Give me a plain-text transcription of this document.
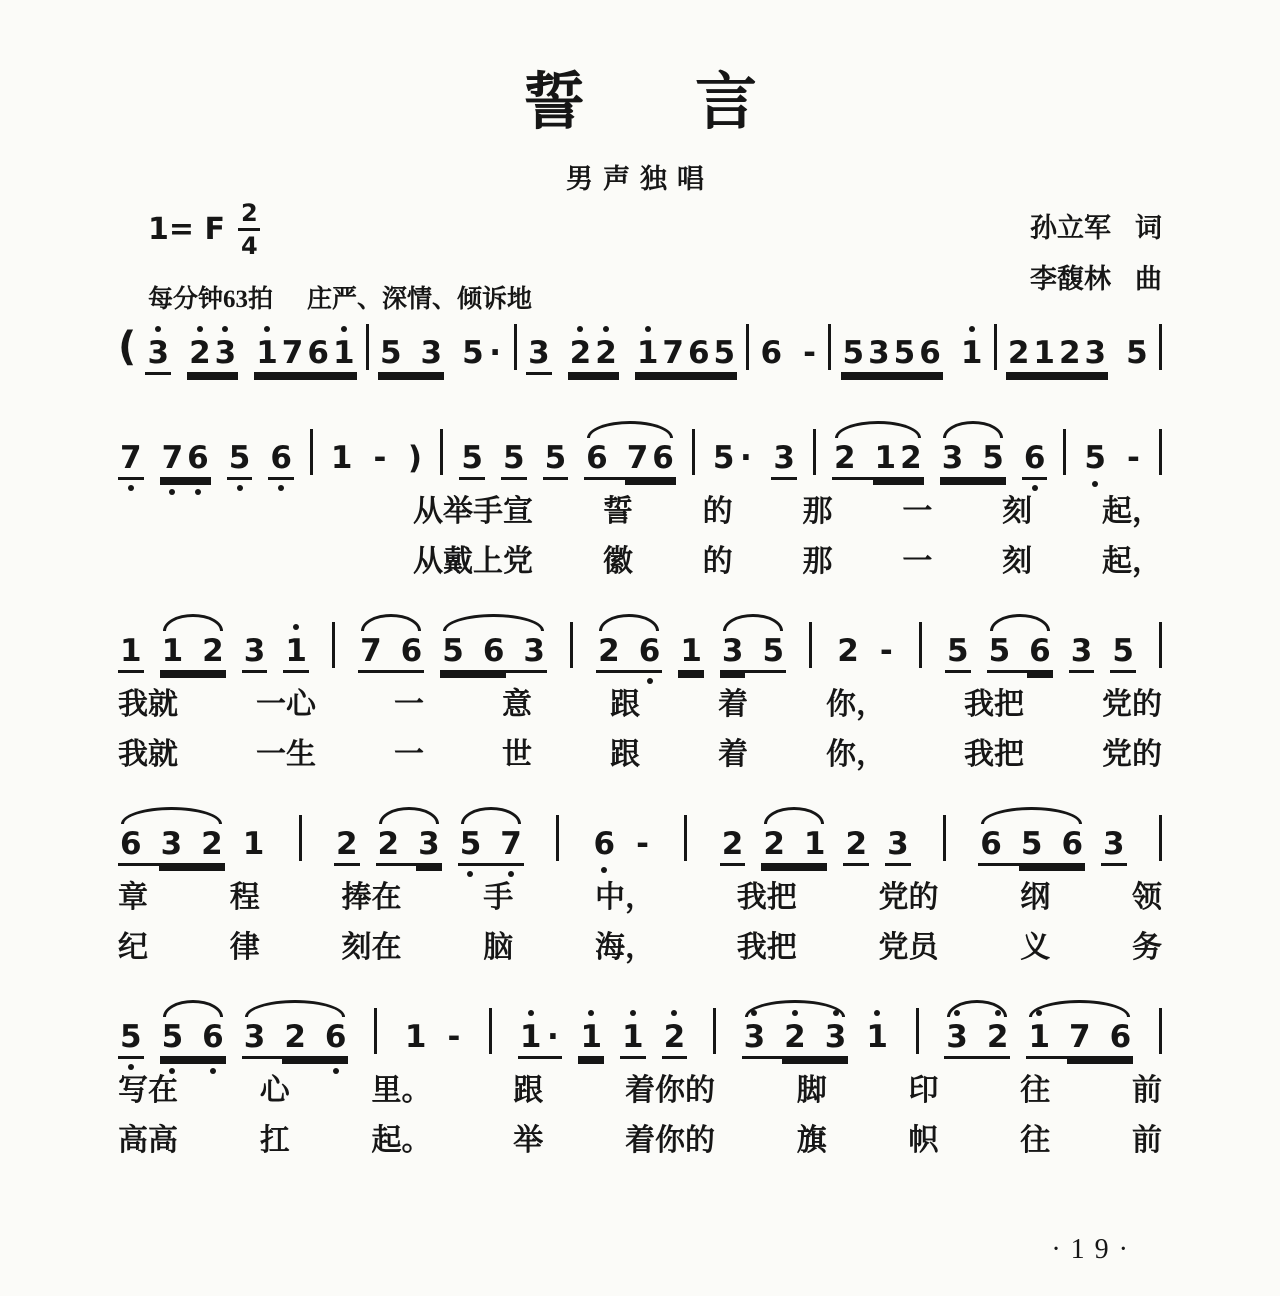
誓言
男声独唱
1= F $\frac{2}{4}$
每分钟63拍 庄严、深情、倾诉地
孙立军 词
李馥林 曲
( 3 2 3 1 7 6 1 5 3 5 · 3 2 2 1 7 6 5 6 - 5 3 5 6 1 2 1 2 3 5
7 7 6 5 6 1 - ) 5 5 5 6 7 6 5 · 3 2 1 2 3 5 6 5 -
从举手宣 誓 的 那 一 刻 起，
从戴上党 徽 的 那 一 刻 起，
1 1 2 3 1 7 6 5 6 3 2 6 1 3 5 2 - 5 5 6 3 5
我就	一心	一	意	跟	着	你，	我把	党的
我就	一生	一	世	跟	着	你，	我把	党的
6 3 2 1 2 2 3 5 7 6 - 2 2 1 2 3 6 5 6 3
章	程	捧在	手	中，	我把	党的	纲	领
纪	律	刻在	脑	海，	我把	党员	义	务
5 5 6 3 2 6 1 - 1 · 1 1 2 3 2 3 1 3 2 1 7 6
写在	心	里。	跟	着你的	脚	印	往	前
高高	扛	起。	举	着你的	旗	帜	往	前
·19·
